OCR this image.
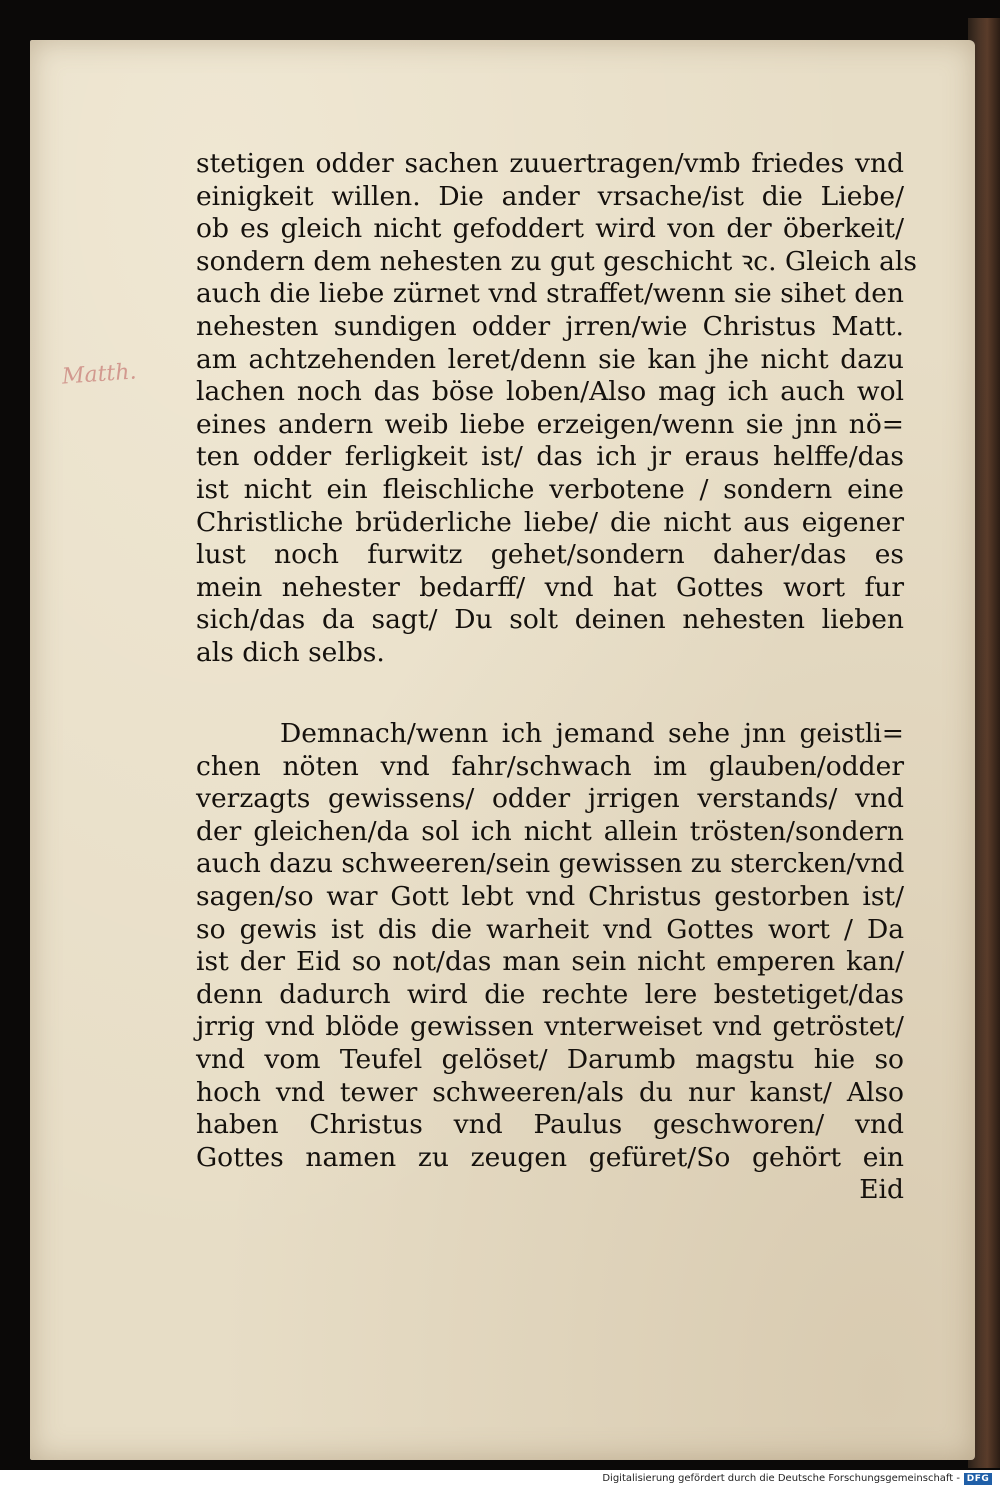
Matth.
stetigen odder sachen zuuertragen/vmb friedes vnd
einigkeit willen. Die ander vrsache/ist die Liebe/
ob es gleich nicht gefoddert wird von der öberkeit/
sondern dem nehesten zu gut geschicht ꝛc. Gleich als
auch die liebe zürnet vnd straffet/wenn sie sihet den
nehesten sundigen odder jrren/wie Christus Matt.
am achtzehenden leret/denn sie kan jhe nicht dazu
lachen noch das böse loben/Also mag ich auch wol
eines andern weib liebe erzeigen/wenn sie jnn nö=
ten odder ferligkeit ist/ das ich jr eraus helffe/das
ist nicht ein fleischliche verbotene / sondern eine
Christliche brüderliche liebe/ die nicht aus eigener
lust noch furwitz gehet/sondern daher/das es
mein nehester bedarff/ vnd hat Gottes wort fur
sich/das da sagt/ Du solt deinen nehesten lieben
als dich selbs.
Demnach/wenn ich jemand sehe jnn geistli=
chen nöten vnd fahr/schwach im glauben/odder
verzagts gewissens/ odder jrrigen verstands/ vnd
der gleichen/da sol ich nicht allein trösten/sondern
auch dazu schweeren/sein gewissen zu stercken/vnd
sagen/so war Gott lebt vnd Christus gestorben ist/
so gewis ist dis die warheit vnd Gottes wort / Da
ist der Eid so not/das man sein nicht emperen kan/
denn dadurch wird die rechte lere bestetiget/das
jrrig vnd blöde gewissen vnterweiset vnd getröstet/
vnd vom Teufel gelöset/ Darumb magstu hie so
hoch vnd tewer schweeren/als du nur kanst/ Also
haben Christus vnd Paulus geschworen/ vnd
Gottes namen zu zeugen gefüret/So gehört ein
Eid
Digitalisierung gefördert durch die Deutsche Forschungsgemeinschaft - DFG
